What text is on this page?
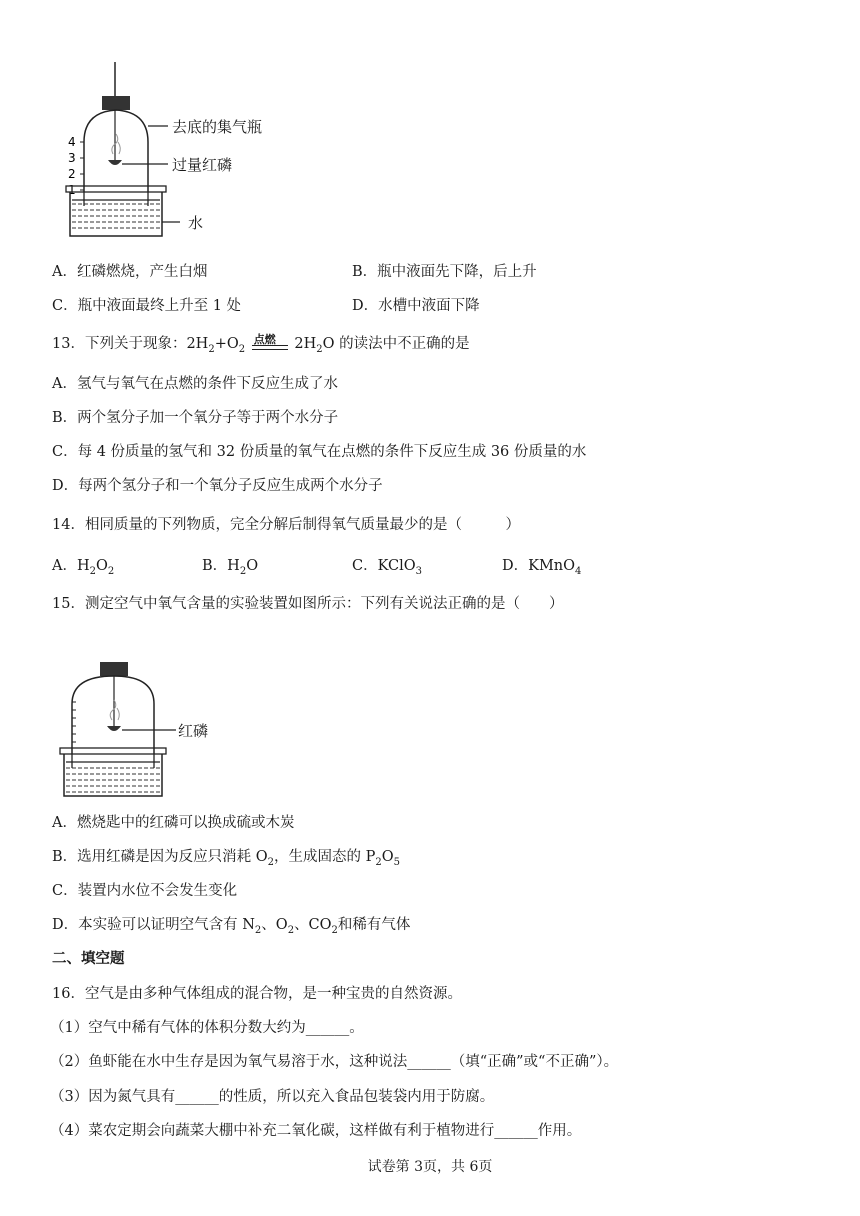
4
3
2
1
去底的集气瓶
过量红磷
水
A．红磷燃烧，产生白烟	B．瓶中液面先下降，后上升
C．瓶中液面最终上升至 1 处	D．水槽中液面下降
13．下列关于现象：$2H_2+O_2$
点燃 $2H_2O$ 的读法中不正确的是
A．氢气与氧气在点燃的条件下反应生成了水
B．两个氢分子加一个氧分子等于两个水分子
C．每 4 份质量的氢气和 32 份质量的氧气在点燃的条件下反应生成 36 份质量的水
D．每两个氢分子和一个氧分子反应生成两个水分子
14．相同质量的下列物质，完全分解后制得氧气质量最少的是（　　　）
A．$H_2O_2$	B．$H_2O$	C．KClO$_3$	D．KMnO$_4$
15．测定空气中氧气含量的实验装置如图所示：下列有关说法正确的是（　　）
红磷
A．燃烧匙中的红磷可以换成硫或木炭
B．选用红磷是因为反应只消耗 $O_2$，生成固态的 $P_2O_5$
C．装置内水位不会发生变化
D．本实验可以证明空气含有 $N_2$、$O_2$、$CO_2$和稀有气体
二、填空题
16．空气是由多种气体组成的混合物，是一种宝贵的自然资源。
（1）空气中稀有气体的体积分数大约为______。
（2）鱼虾能在水中生存是因为氧气易溶于水，这种说法______（填“正确”或“不正确”）。
（3）因为氮气具有______的性质，所以充入食品包装袋内用于防腐。
（4）菜农定期会向蔬菜大棚中补充二氧化碳，这样做有利于植物进行______作用。
试卷第 3页，共 6页
